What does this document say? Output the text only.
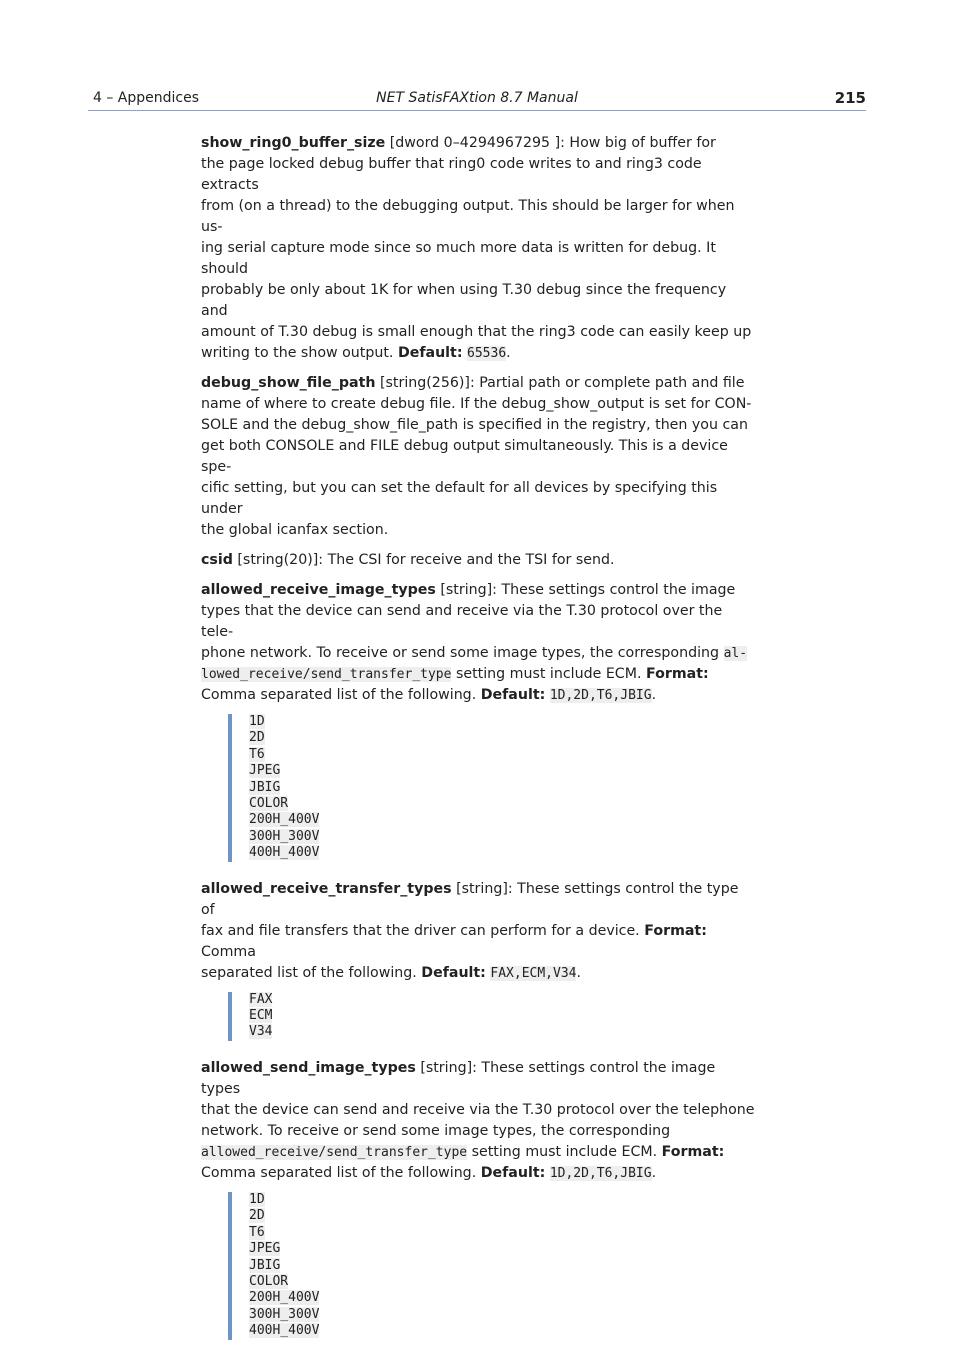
4 – Appendices	NET SatisFAXtion 8.7 Manual	215
show_ring0_buffer_size [dword 0–4294967295 ]: How big of buffer for
the page locked debug buffer that ring0 code writes to and ring3 code extracts
from (on a thread) to the debugging output. This should be larger for when us-
ing serial capture mode since so much more data is written for debug. It should
probably be only about 1K for when using T.30 debug since the frequency and
amount of T.30 debug is small enough that the ring3 code can easily keep up
writing to the show output. Default: 65536.
debug_show_file_path [string(256)]: Partial path or complete path and file
name of where to create debug file. If the debug_show_output is set for CON-
SOLE and the debug_show_file_path is specified in the registry, then you can
get both CONSOLE and FILE debug output simultaneously. This is a device spe-
cific setting, but you can set the default for all devices by specifying this under
the global icanfax section.
csid [string(20)]: The CSI for receive and the TSI for send.
allowed_receive_image_types [string]: These settings control the image
types that the device can send and receive via the T.30 protocol over the tele-
phone network. To receive or send some image types, the corresponding al-
lowed_receive/send_transfer_type setting must include ECM. Format:
Comma separated list of the following. Default: 1D,2D,T6,JBIG.
1D
2D
T6
JPEG
JBIG
COLOR
200H_400V
300H_300V
400H_400V
allowed_receive_transfer_types [string]: These settings control the type of
fax and file transfers that the driver can perform for a device. Format: Comma
separated list of the following. Default: FAX,ECM,V34.
FAX
ECM
V34
allowed_send_image_types [string]: These settings control the image types
that the device can send and receive via the T.30 protocol over the telephone
network. To receive or send some image types, the corresponding
allowed_receive/send_transfer_type setting must include ECM. Format:
Comma separated list of the following. Default: 1D,2D,T6,JBIG.
1D
2D
T6
JPEG
JBIG
COLOR
200H_400V
300H_300V
400H_400V
